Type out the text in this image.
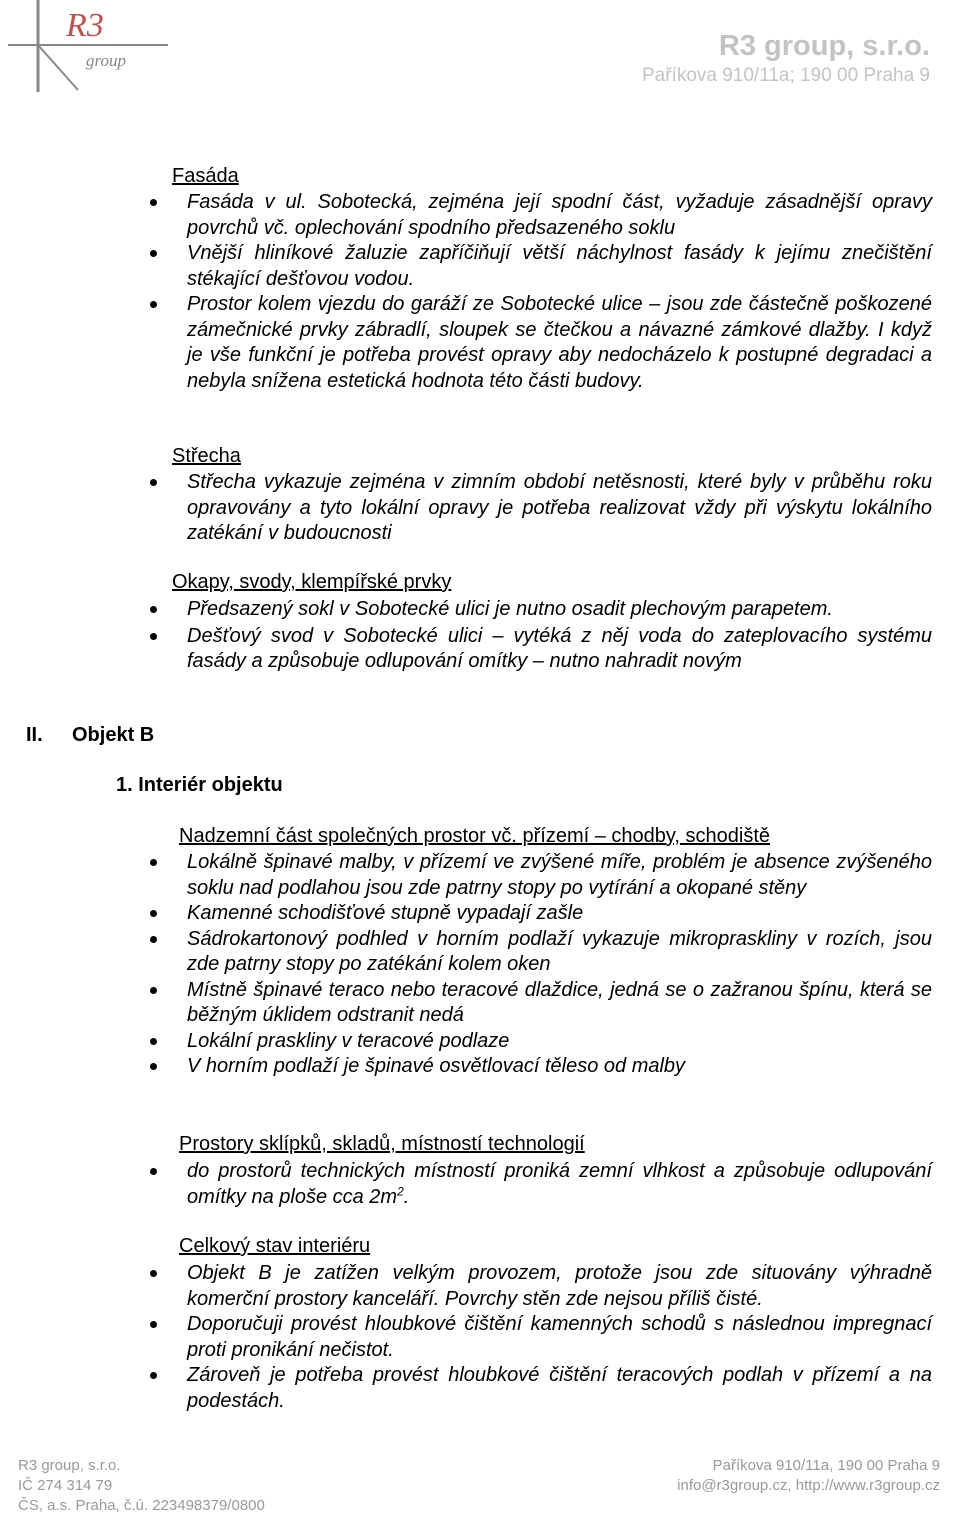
R3
group	R3 group, s.r.o.
Paříkova 910/11a; 190 00 Praha 9
Fasáda
Fasáda v ul. Sobotecká, zejména její spodní část, vyžaduje zásadnější opravy povrchů vč. oplechování spodního předsazeného soklu
Vnější hliníkové žaluzie zapříčiňují větší náchylnost fasády k jejímu znečištění stékající dešťovou vodou.
Prostor kolem vjezdu do garáží ze Sobotecké ulice – jsou zde částečně poškozené zámečnické prvky zábradlí, sloupek se čtečkou a návazné zámkové dlažby. I když je vše funkční je potřeba provést opravy aby nedocházelo k postupné degradaci a nebyla snížena estetická hodnota této části budovy.
Střecha
Střecha vykazuje zejména v zimním období netěsnosti, které byly v průběhu roku opravovány a tyto lokální opravy je potřeba realizovat vždy při výskytu lokálního zatékání v budoucnosti
Okapy, svody, klempířské prvky
Předsazený sokl v Sobotecké ulici je nutno osadit plechovým parapetem.
Dešťový svod v Sobotecké ulici – vytéká z něj voda do zateplovacího systému fasády a způsobuje odlupování omítky – nutno nahradit novým
II. Objekt B
1. Interiér objektu
Nadzemní část společných prostor vč. přízemí – chodby, schodiště
Lokálně špinavé malby, v přízemí ve zvýšené míře, problém je absence zvýšeného soklu nad podlahou jsou zde patrny stopy po vytírání a okopané stěny
Kamenné schodišťové stupně vypadají zašle
Sádrokartonový podhled v horním podlaží vykazuje mikropraskliny v rozích, jsou zde patrny stopy po zatékání kolem oken
Místně špinavé teraco nebo teracové dlaždice, jedná se o zažranou špínu, která se běžným úklidem odstranit nedá
Lokální praskliny v teracové podlaze
V horním podlaží je špinavé osvětlovací těleso od malby
Prostory sklípků, skladů, místností technologií
do prostorů technických místností proniká zemní vlhkost a způsobuje odlupování omítky na ploše cca $2m^2$.
Celkový stav interiéru
Objekt B je zatížen velkým provozem, protože jsou zde situovány výhradně komerční prostory kanceláří. Povrchy stěn zde nejsou příliš čisté.
Doporučuji provést hloubkové čištění kamenných schodů s následnou impregnací proti pronikání nečistot.
Zároveň je potřeba provést hloubkové čištění teracových podlah v přízemí a na podestách.
R3 group, s.r.o.
IČ 274 314 79
ČS, a.s. Praha, č.ú. 223498379/0800
Paříkova 910/11a, 190 00 Praha 9
info@r3group.cz, http://www.r3group.cz
